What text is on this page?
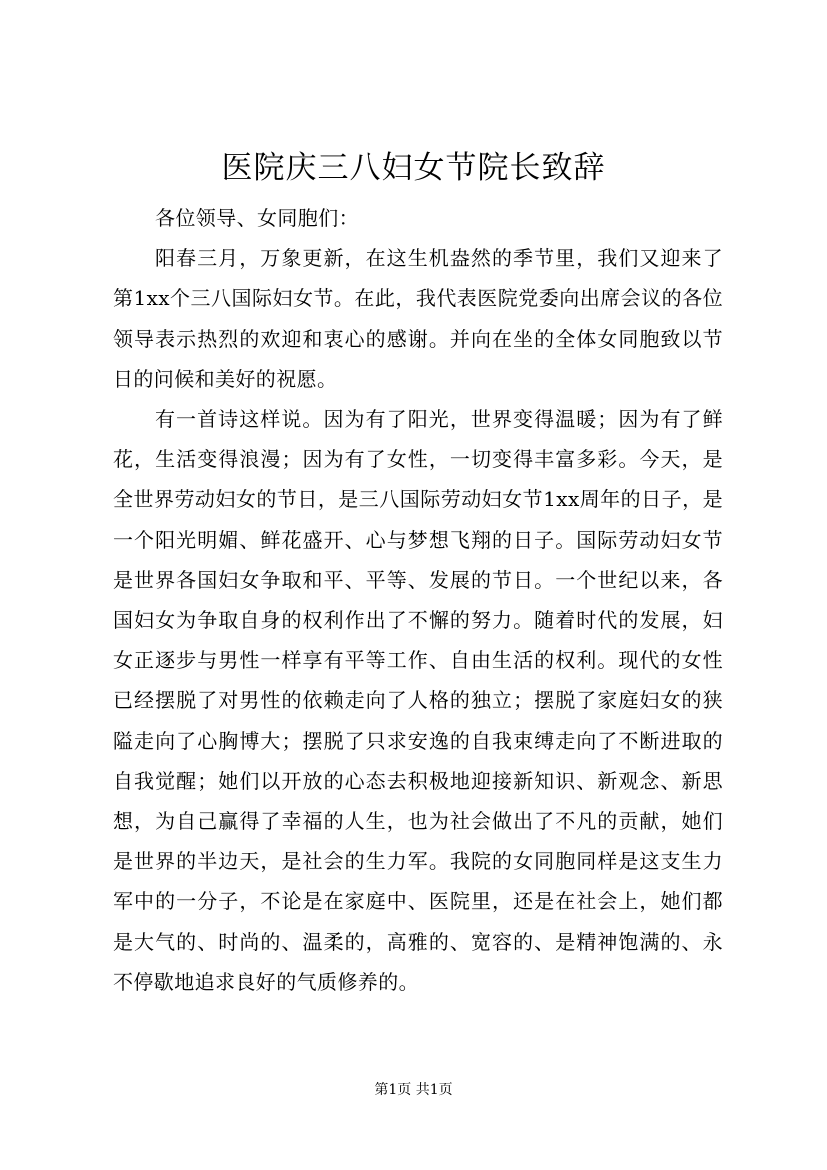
医院庆三八妇女节院长致辞

各位领导、女同胞们：

阳春三月，万象更新，在这生机盎然的季节里，我们又迎来了第1xx个三八国际妇女节。在此，我代表医院党委向出席会议的各位领导表示热烈的欢迎和衷心的感谢。并向在坐的全体女同胞致以节日的问候和美好的祝愿。

有一首诗这样说。因为有了阳光，世界变得温暖；因为有了鲜花，生活变得浪漫；因为有了女性，一切变得丰富多彩。今天，是全世界劳动妇女的节日，是三八国际劳动妇女节1xx周年的日子，是一个阳光明媚、鲜花盛开、心与梦想飞翔的日子。国际劳动妇女节是世界各国妇女争取和平、平等、发展的节日。一个世纪以来，各国妇女为争取自身的权利作出了不懈的努力。随着时代的发展，妇女正逐步与男性一样享有平等工作、自由生活的权利。现代的女性已经摆脱了对男性的依赖走向了人格的独立；摆脱了家庭妇女的狭隘走向了心胸博大；摆脱了只求安逸的自我束缚走向了不断进取的自我觉醒；她们以开放的心态去积极地迎接新知识、新观念、新思想，为自己赢得了幸福的人生，也为社会做出了不凡的贡献，她们是世界的半边天，是社会的生力军。我院的女同胞同样是这支生力军中的一分子，不论是在家庭中、医院里，还是在社会上，她们都是大气的、时尚的、温柔的，高雅的、宽容的、是精神饱满的、永不停歇地追求良好的气质修养的。

第1页 共1页
